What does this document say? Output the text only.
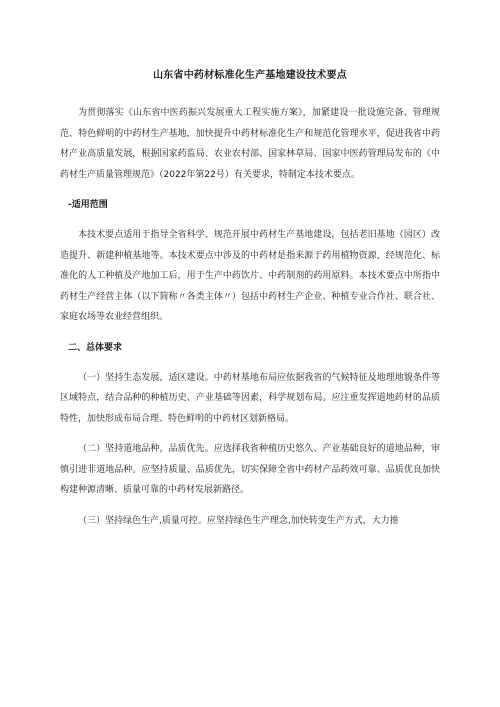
山东省中药材标准化生产基地建设技术要点

为贯彻落实《山东省中医药振兴发展重大工程实施方案》，加紧建设一批设施完备、管理规范、特色鲜明的中药材生产基地，加快提升中药材标准化生产和规范化管理水平，促进我省中药材产业高质量发展，根据国家药监局、农业农村部、国家林草局、国家中医药管理局发布的《中药材生产质量管理规范》（2022年第22号）有关要求，特制定本技术要点。

-适用范围

本技术要点适用于指导全省科学、规范开展中药材生产基地建设，包括老旧基地（园区）改造提升、新建种植基地等。本技术要点中涉及的中药材是指来源于药用植物资源，经规范化、标准化的人工种植及产地加工后，用于生产中药饮片、中药制剂的药用原料。本技术要点中所指中药材生产经营主体（以下简称〃各类主体〃）包括中药材生产企业、种植专业合作社、联合社、家庭农场等农业经营组织。

二、总体要求

（一）坚持生态发展，适区建设。中药材基地布局应依据我省的气候特征及地理地貌条件等区域特点，结合品种的种植历史、产业基础等因素，科学规划布局。应注重发挥道地药材的品质特性，加快形成布局合理、特色鲜明的中药材区划新格局。

（二）坚持道地品种，品质优先。应选择我省种植历史悠久、产业基础良好的道地品种，审慎引进非道地品种。应坚持质量、品质优先，切实保障全省中药材产品药效可靠、品质优良加快构建种源清晰、质量可靠的中药材发展新路径。

（三）坚持绿色生产,质量可控。应坚持绿色生产理念,加快转变生产方式，大力推
